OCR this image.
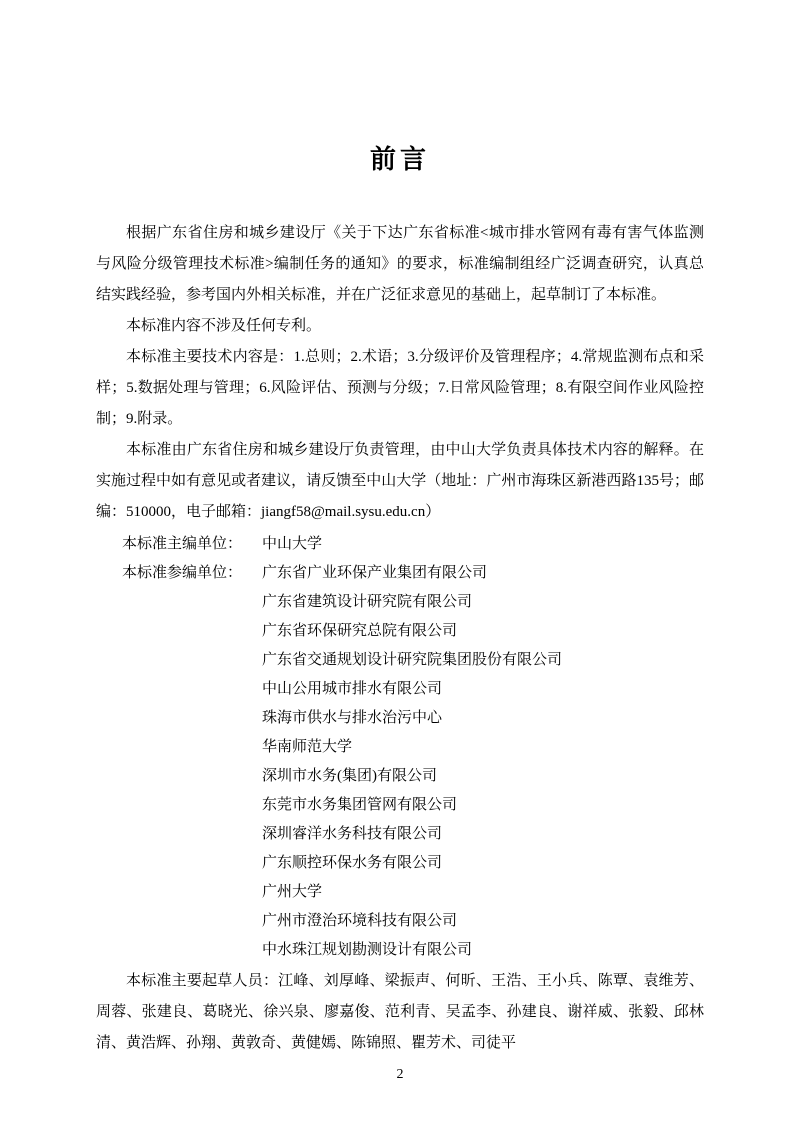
前言

根据广东省住房和城乡建设厅《关于下达广东省标准<城市排水管网有毒有害气体监测与风险分级管理技术标准>编制任务的通知》的要求，标准编制组经广泛调查研究，认真总结实践经验，参考国内外相关标准，并在广泛征求意见的基础上，起草制订了本标准。

本标准内容不涉及任何专利。

本标准主要技术内容是：1.总则；2.术语；3.分级评价及管理程序；4.常规监测布点和采样；5.数据处理与管理；6.风险评估、预测与分级；7.日常风险管理；8.有限空间作业风险控制；9.附录。

本标准由广东省住房和城乡建设厅负责管理，由中山大学负责具体技术内容的解释。在实施过程中如有意见或者建议，请反馈至中山大学（地址：广州市海珠区新港西路135号；邮编：510000，电子邮箱：jiangf58@mail.sysu.edu.cn）

本标准主编单位：	中山大学
本标准参编单位：	广东省广业环保产业集团有限公司
广东省建筑设计研究院有限公司
广东省环保研究总院有限公司
广东省交通规划设计研究院集团股份有限公司
中山公用城市排水有限公司
珠海市供水与排水治污中心
华南师范大学
深圳市水务(集团)有限公司
东莞市水务集团管网有限公司
深圳睿洋水务科技有限公司
广东顺控环保水务有限公司
广州大学
广州市澄治环境科技有限公司
中水珠江规划勘测设计有限公司

本标准主要起草人员：江峰、刘厚峰、梁振声、何昕、王浩、王小兵、陈覃、袁维芳、周蓉、张建良、葛晓光、徐兴泉、廖嘉俊、范利青、吴孟李、孙建良、谢祥威、张毅、邱林清、黄浩辉、孙翔、黄敦奇、黄健嫣、陈锦照、瞿芳术、司徒平

2
